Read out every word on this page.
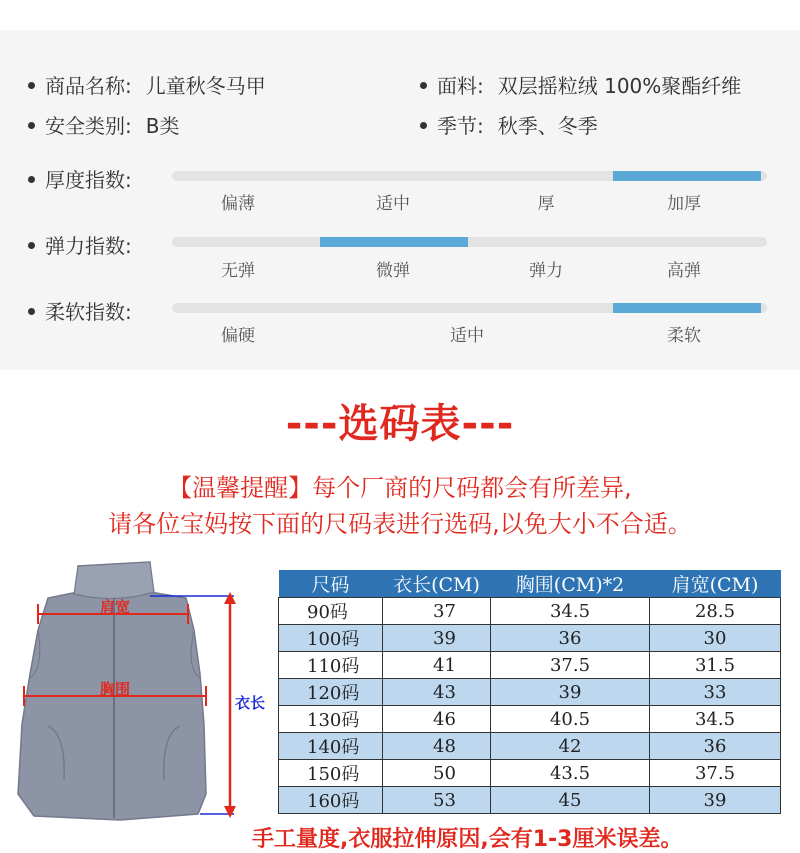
商品名称: 儿童秋冬马甲	面料: 双层摇粒绒 100%聚酯纤维
安全类别: B类	季节: 秋季、冬季
厚度指数:
偏薄	适中	厚	加厚
弹力指数:
无弹	微弹	弹力	高弹
柔软指数:
偏硬	适中	柔软
---选码表---
【温馨提醒】每个厂商的尺码都会有所差异,
请各位宝妈按下面的尺码表进行选码,以免大小不合适。
肩宽
胸围
衣长
尺码	衣长(CM)	胸围(CM)*2	肩宽(CM)
90码	37	34.5	28.5
100码	39	36	30
110码	41	37.5	31.5
120码	43	39	33
130码	46	40.5	34.5
140码	48	42	36
150码	50	43.5	37.5
160码	53	45	39
手工量度,衣服拉伸原因,会有1-3厘米误差。
